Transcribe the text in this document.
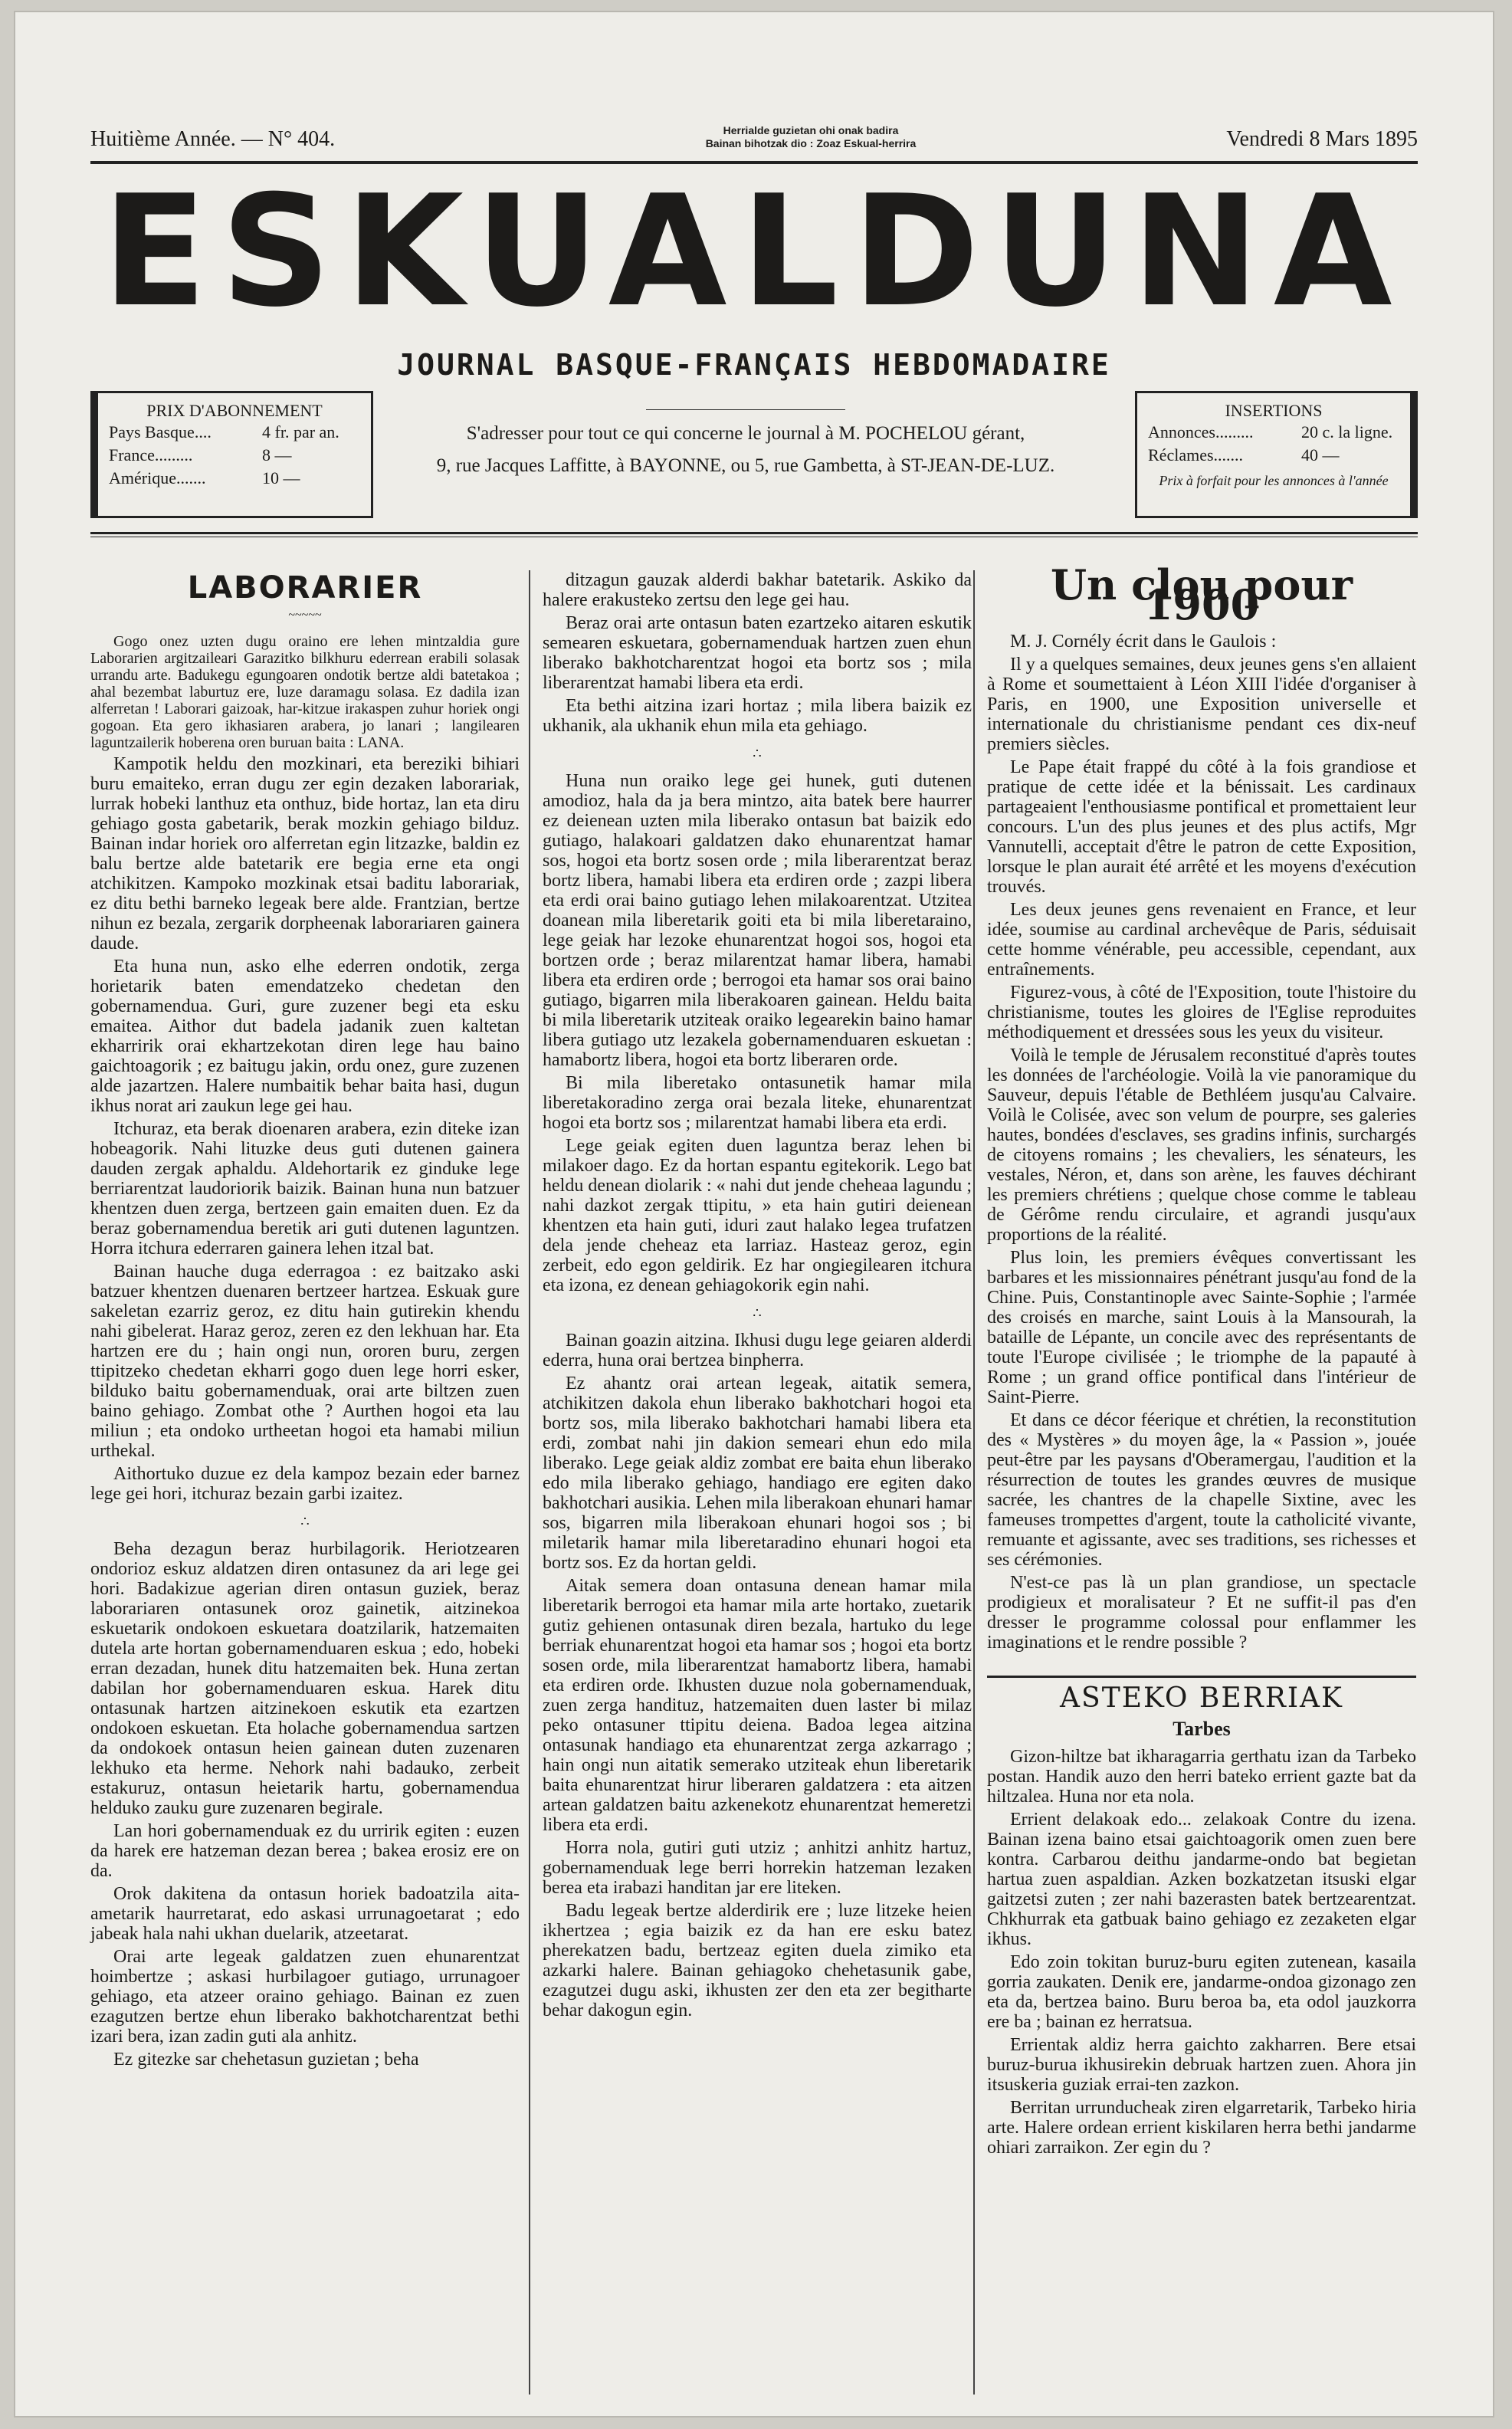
Huitième Année. — N° 404.	Herrialde guzietan ohi onak badira
Bainan bihotzak dio : Zoaz Eskual-herrira	Vendredi 8 Mars 1895
ESKUALDUNA
JOURNAL BASQUE-FRANÇAIS HEBDOMADAIRE
PRIX D'ABONNEMENT
Pays Basque....	4 fr. par an.
France.........	8 —
Amérique.......	10 —
S'adresser pour tout ce qui concerne le journal à M. POCHELOU gérant,
9, rue Jacques Laffitte, à BAYONNE, ou 5, rue Gambetta, à ST-JEAN-DE-LUZ.
INSERTIONS
Annonces.........	20 c. la ligne.
Réclames.......	40 —
Prix à forfait pour les annonces à l'année
LABORARIER
~~~~~

Gogo onez uzten dugu oraino ere lehen mintzaldia gure Laborarien argitzaileari Garazitko bilkhuru ederrean erabili solasak urrandu arte. Badukegu egungoaren ondotik bertze aldi batetakoa ; ahal bezembat laburtuz ere, luze daramagu solasa. Ez dadila izan alferretan ! Laborari gaizoak, har-kitzue irakaspen zuhur horiek ongi gogoan. Eta gero ikhasiaren arabera, jo lanari ; langilearen laguntzailerik hoberena oren buruan baita : LANA.

Kampotik heldu den mozkinari, eta bereziki bihiari buru emaiteko, erran dugu zer egin dezaken laborariak, lurrak hobeki lanthuz eta onthuz, bide hortaz, lan eta diru gehiago gosta gabetarik, berak mozkin gehiago bilduz. Bainan indar horiek oro alferretan egin litzazke, baldin ez balu bertze alde batetarik ere begia erne eta ongi atchikitzen. Kampoko mozkinak etsai baditu laborariak, ez ditu bethi barneko legeak bere alde. Frantzian, bertze nihun ez bezala, zergarik dorpheenak laborariaren gainera daude.

Eta huna nun, asko elhe ederren ondotik, zerga horietarik baten emendatzeko chedetan den gobernamendua. Guri, gure zuzener begi eta esku emaitea. Aithor dut badela jadanik zuen kaltetan ekharririk orai ekhartzekotan diren lege hau baino gaichtoagorik ; ez baitugu jakin, ordu onez, gure zuzenen alde jazartzen. Halere numbaitik behar baita hasi, dugun ikhus norat ari zaukun lege gei hau.

Itchuraz, eta berak dioenaren arabera, ezin diteke izan hobeagorik. Nahi lituzke deus guti dutenen gainera dauden zergak aphaldu. Aldehortarik ez ginduke lege berriarentzat laudoriorik baizik. Bainan huna nun batzuer khentzen duen zerga, bertzeen gain emaiten duen. Ez da beraz gobernamendua beretik ari guti dutenen laguntzen. Horra itchura ederraren gainera lehen itzal bat.

Bainan hauche duga ederragoa : ez baitzako aski batzuer khentzen duenaren bertzeer hartzea. Eskuak gure sakeletan ezarriz geroz, ez ditu hain gutirekin khendu nahi gibelerat. Haraz geroz, zeren ez den lekhuan har. Eta hartzen ere du ; hain ongi nun, ororen buru, zergen ttipitzeko chedetan ekharri gogo duen lege horri esker, bilduko baitu gobernamenduak, orai arte biltzen zuen baino gehiago. Zombat othe ? Aurthen hogoi eta lau miliun ; eta ondoko urtheetan hogoi eta hamabi miliun urthekal.

Aithortuko duzue ez dela kampoz bezain eder barnez lege gei hori, itchuraz bezain garbi izaitez.

∴

Beha dezagun beraz hurbilagorik. Heriotzearen ondorioz eskuz aldatzen diren ontasunez da ari lege gei hori. Badakizue agerian diren ontasun guziek, beraz laborariaren ontasunek oroz gainetik, aitzinekoa eskuetarik ondokoen eskuetara doatzilarik, hatzemaiten dutela arte hortan gobernamenduaren eskua ; edo, hobeki erran dezadan, hunek ditu hatzemaiten bek. Huna zertan dabilan hor gobernamenduaren eskua. Harek ditu ontasunak hartzen aitzinekoen eskutik eta ezartzen ondokoen eskuetan. Eta holache gobernamendua sartzen da ondokoek ontasun heien gainean duten zuzenaren lekhuko eta herme. Nehork nahi badauko, zerbeit estakuruz, ontasun heietarik hartu, gobernamendua helduko zauku gure zuzenaren begirale.

Lan hori gobernamenduak ez du urririk egiten : euzen da harek ere hatzeman dezan berea ; bakea erosiz ere on da.

Orok dakitena da ontasun horiek badoatzila aita-ametarik haurretarat, edo askasi urrunagoetarat ; edo jabeak hala nahi ukhan duelarik, atzeetarat.

Orai arte legeak galdatzen zuen ehunarentzat hoimbertze ; askasi hurbilagoer gutiago, urrunagoer gehiago, eta atzeer oraino gehiago. Bainan ez zuen ezagutzen bertze ehun liberako bakhotcharentzat bethi izari bera, izan zadin guti ala anhitz.

Ez gitezke sar chehetasun guzietan ; beha

ditzagun gauzak alderdi bakhar batetarik. Askiko da halere erakusteko zertsu den lege gei hau.

Beraz orai arte ontasun baten ezartzeko aitaren eskutik semearen eskuetara, gobernamenduak hartzen zuen ehun liberako bakhotcharentzat hogoi eta bortz sos ; mila liberarentzat hamabi libera eta erdi.

Eta bethi aitzina izari hortaz ; mila libera baizik ez ukhanik, ala ukhanik ehun mila eta gehiago.

∴

Huna nun oraiko lege gei hunek, guti dutenen amodioz, hala da ja bera mintzo, aita batek bere haurrer ez deienean uzten mila liberako ontasun bat baizik edo gutiago, halakoari galdatzen dako ehunarentzat hamar sos, hogoi eta bortz sosen orde ; mila liberarentzat beraz bortz libera, hamabi libera eta erdiren orde ; zazpi libera eta erdi orai baino gutiago lehen milakoarentzat. Utzitea doanean mila liberetarik goiti eta bi mila liberetaraino, lege geiak har lezoke ehunarentzat hogoi sos, hogoi eta bortzen orde ; beraz milarentzat hamar libera, hamabi libera eta erdiren orde ; berrogoi eta hamar sos orai baino gutiago, bigarren mila liberakoaren gainean. Heldu baita bi mila liberetarik utziteak oraiko legearekin baino hamar libera gutiago utz lezakela gobernamenduaren eskuetan : hamabortz libera, hogoi eta bortz liberaren orde.

Bi mila liberetako ontasunetik hamar mila liberetakoradino zerga orai bezala liteke, ehunarentzat hogoi eta bortz sos ; milarentzat hamabi libera eta erdi.

Lege geiak egiten duen laguntza beraz lehen bi milakoer dago. Ez da hortan espantu egitekorik. Lego bat heldu denean diolarik : « nahi dut jende cheheaa lagundu ; nahi dazkot zergak ttipitu, » eta hain gutiri deienean khentzen eta hain guti, iduri zaut halako legea trufatzen dela jende cheheaz eta larriaz. Hasteaz geroz, egin zerbeit, edo egon geldirik. Ez har ongiegilearen itchura eta izona, ez denean gehiagokorik egin nahi.

∴

Bainan goazin aitzina. Ikhusi dugu lege geiaren alderdi ederra, huna orai bertzea binpherra.

Ez ahantz orai artean legeak, aitatik semera, atchikitzen dakola ehun liberako bakhotchari hogoi eta bortz sos, mila liberako bakhotchari hamabi libera eta erdi, zombat nahi jin dakion semeari ehun edo mila liberako. Lege geiak aldiz zombat ere baita ehun liberako edo mila liberako gehiago, handiago ere egiten dako bakhotchari ausikia. Lehen mila liberakoan ehunari hamar sos, bigarren mila liberakoan ehunari hogoi sos ; bi miletarik hamar mila liberetaradino ehunari hogoi eta bortz sos. Ez da hortan geldi.

Aitak semera doan ontasuna denean hamar mila liberetarik berrogoi eta hamar mila arte hortako, zuetarik gutiz gehienen ontasunak diren bezala, hartuko du lege berriak ehunarentzat hogoi eta hamar sos ; hogoi eta bortz sosen orde, mila liberarentzat hamabortz libera, hamabi eta erdiren orde. Ikhusten duzue nola gobernamenduak, zuen zerga handituz, hatzemaiten duen laster bi milaz peko ontasuner ttipitu deiena. Badoa legea aitzina ontasunak handiago eta ehunarentzat zerga azkarrago ; hain ongi nun aitatik semerako utziteak ehun liberetarik baita ehunarentzat hirur liberaren galdatzera : eta aitzen artean galdatzen baitu azkenekotz ehunarentzat hemeretzi libera eta erdi.

Horra nola, gutiri guti utziz ; anhitzi anhitz hartuz, gobernamenduak lege berri horrekin hatzeman lezaken berea eta irabazi handitan jar ere liteken.

Badu legeak bertze alderdirik ere ; luze litzeke heien ikhertzea ; egia baizik ez da han ere esku batez pherekatzen badu, bertzeaz egiten duela zimiko eta azkarki halere. Bainan gehiagoko chehetasunik gabe, ezagutzei dugu aski, ikhusten zer den eta zer begitharte behar dakogun egin.

Un clou pour 1900

M. J. Cornély écrit dans le Gaulois :

Il y a quelques semaines, deux jeunes gens s'en allaient à Rome et soumettaient à Léon XIII l'idée d'organiser à Paris, en 1900, une Exposition universelle et internationale du christianisme pendant ces dix-neuf premiers siècles.

Le Pape était frappé du côté à la fois grandiose et pratique de cette idée et la bénissait. Les cardinaux partageaient l'enthousiasme pontifical et promettaient leur concours. L'un des plus jeunes et des plus actifs, Mgr Vannutelli, acceptait d'être le patron de cette Exposition, lorsque le plan aurait été arrêté et les moyens d'exécution trouvés.

Les deux jeunes gens revenaient en France, et leur idée, soumise au cardinal archevêque de Paris, séduisait cette homme vénérable, peu accessible, cependant, aux entraînements.

Figurez-vous, à côté de l'Exposition, toute l'histoire du christianisme, toutes les gloires de l'Eglise reproduites méthodiquement et dressées sous les yeux du visiteur.

Voilà le temple de Jérusalem reconstitué d'après toutes les données de l'archéologie. Voilà la vie panoramique du Sauveur, depuis l'étable de Bethléem jusqu'au Calvaire. Voilà le Colisée, avec son velum de pourpre, ses galeries hautes, bondées d'esclaves, ses gradins infinis, surchargés de citoyens romains ; les chevaliers, les sénateurs, les vestales, Néron, et, dans son arène, les fauves déchirant les premiers chrétiens ; quelque chose comme le tableau de Gérôme rendu circulaire, et agrandi jusqu'aux proportions de la réalité.

Plus loin, les premiers évêques convertissant les barbares et les missionnaires pénétrant jusqu'au fond de la Chine. Puis, Constantinople avec Sainte-Sophie ; l'armée des croisés en marche, saint Louis à la Mansourah, la bataille de Lépante, un concile avec des représentants de toute l'Europe civilisée ; le triomphe de la papauté à Rome ; un grand office pontifical dans l'intérieur de Saint-Pierre.

Et dans ce décor féerique et chrétien, la reconstitution des « Mystères » du moyen âge, la « Passion », jouée peut-être par les paysans d'Oberamergau, l'audition et la résurrection de toutes les grandes œuvres de musique sacrée, les chantres de la chapelle Sixtine, avec les fameuses trompettes d'argent, toute la catholicité vivante, remuante et agissante, avec ses traditions, ses richesses et ses cérémonies.

N'est-ce pas là un plan grandiose, un spectacle prodigieux et moralisateur ? Et ne suffit-il pas d'en dresser le programme colossal pour enflammer les imaginations et le rendre possible ?

ASTEKO BERRIAK
Tarbes

Gizon-hiltze bat ikharagarria gerthatu izan da Tarbeko postan. Handik auzo den herri bateko errient gazte bat da hiltzalea. Huna nor eta nola.

Errient delakoak edo... zelakoak Contre du izena. Bainan izena baino etsai gaichtoagorik omen zuen bere kontra. Carbarou deithu jandarme-ondo bat begietan hartua zuen aspaldian. Azken bozkatzetan itsuski elgar gaitzetsi zuten ; zer nahi bazerasten batek bertzearentzat. Chkhurrak eta gatbuak baino gehiago ez zezaketen elgar ikhus.

Edo zoin tokitan buruz-buru egiten zutenean, kasaila gorria zaukaten. Denik ere, jandarme-ondoa gizonago zen eta da, bertzea baino. Buru beroa ba, eta odol jauzkorra ere ba ; bainan ez herratsua.

Errientak aldiz herra gaichto zakharren. Bere etsai buruz-burua ikhusirekin debruak hartzen zuen. Ahora jin itsuskeria guziak errai-ten zazkon.

Berritan urrunducheak ziren elgarretarik, Tarbeko hiria arte. Halere ordean errient kiskilaren herra bethi jandarme ohiari zarraikon. Zer egin du ?
